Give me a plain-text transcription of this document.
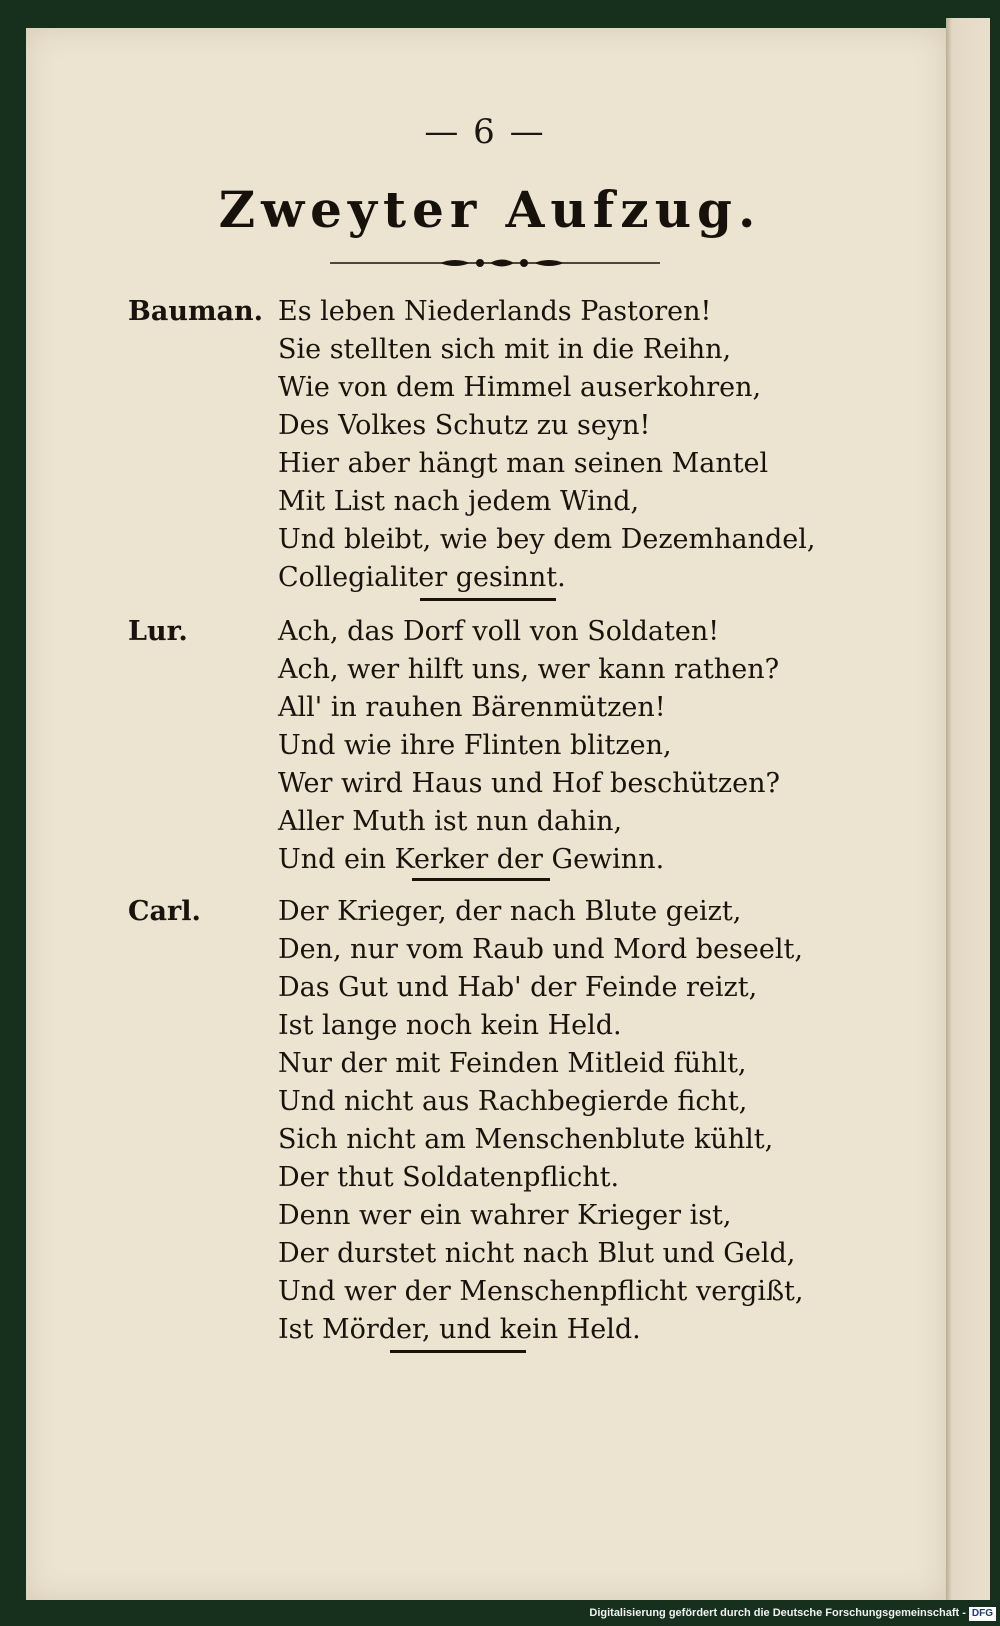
— 6 —
Zweyter Aufzug.
Bauman. Es leben Niederlands Pastoren!
Sie stellten sich mit in die Reihn,
Wie von dem Himmel auserkohren,
Des Volkes Schutz zu seyn!
Hier aber hängt man seinen Mantel
Mit List nach jedem Wind,
Und bleibt, wie bey dem Dezemhandel,
Collegialiter gesinnt.
Lur.	Ach, das Dorf voll von Soldaten!
Ach, wer hilft uns, wer kann rathen?
All' in rauhen Bärenmützen!
Und wie ihre Flinten blitzen,
Wer wird Haus und Hof beschützen?
Aller Muth ist nun dahin,
Und ein Kerker der Gewinn.
Carl.	Der Krieger, der nach Blute geizt,
Den, nur vom Raub und Mord beseelt,
Das Gut und Hab' der Feinde reizt,
Ist lange noch kein Held.
Nur der mit Feinden Mitleid fühlt,
Und nicht aus Rachbegierde ficht,
Sich nicht am Menschenblute kühlt,
Der thut Soldatenpflicht.
Denn wer ein wahrer Krieger ist,
Der durstet nicht nach Blut und Geld,
Und wer der Menschenpflicht vergißt,
Ist Mörder, und kein Held.
Digitalisierung gefördert durch die Deutsche Forschungsgemeinschaft - DFG
